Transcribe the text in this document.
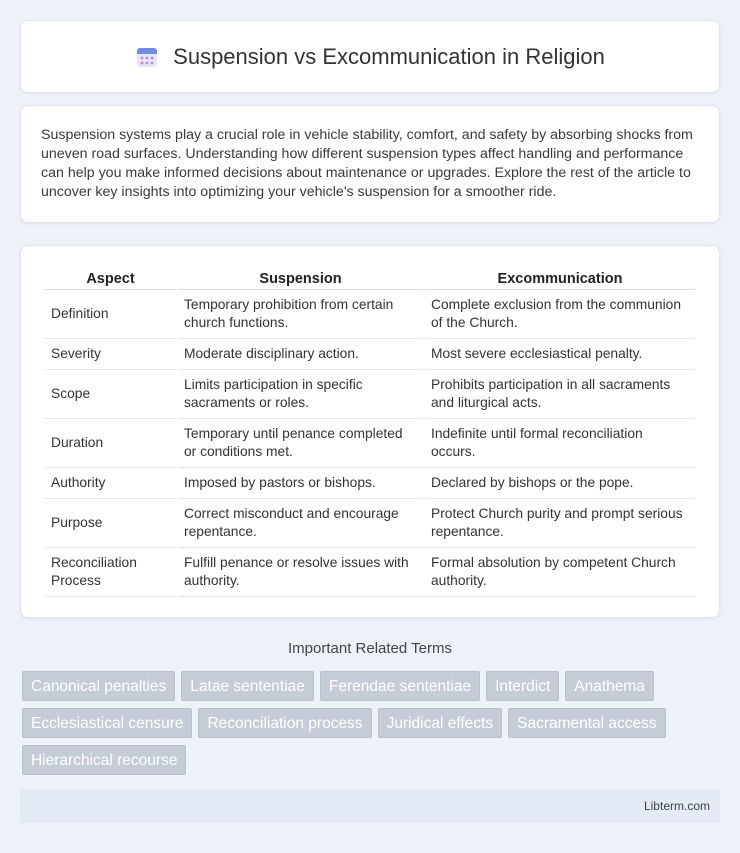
Suspension vs Excommunication in Religion

Suspension systems play a crucial role in vehicle stability, comfort, and safety by absorbing shocks from uneven road surfaces. Understanding how different suspension types affect handling and performance can help you make informed decisions about maintenance or upgrades. Explore the rest of the article to uncover key insights into optimizing your vehicle's suspension for a smoother ride.

Aspect	Suspension	Excommunication
Definition	Temporary prohibition from certain church functions.	Complete exclusion from the communion of the Church.
Severity	Moderate disciplinary action.	Most severe ecclesiastical penalty.
Scope	Limits participation in specific sacraments or roles.	Prohibits participation in all sacraments and liturgical acts.
Duration	Temporary until penance completed or conditions met.	Indefinite until formal reconciliation occurs.
Authority	Imposed by pastors or bishops.	Declared by bishops or the pope.
Purpose	Correct misconduct and encourage repentance.	Protect Church purity and prompt serious repentance.
Reconciliation Process	Fulfill penance or resolve issues with authority.	Formal absolution by competent Church authority.
Important Related Terms
Canonical penalties	Latae sententiae	Ferendae sententiae	Interdict	Anathema
Ecclesiastical censure	Reconciliation process	Juridical effects	Sacramental access
Hierarchical recourse
Libterm.com
